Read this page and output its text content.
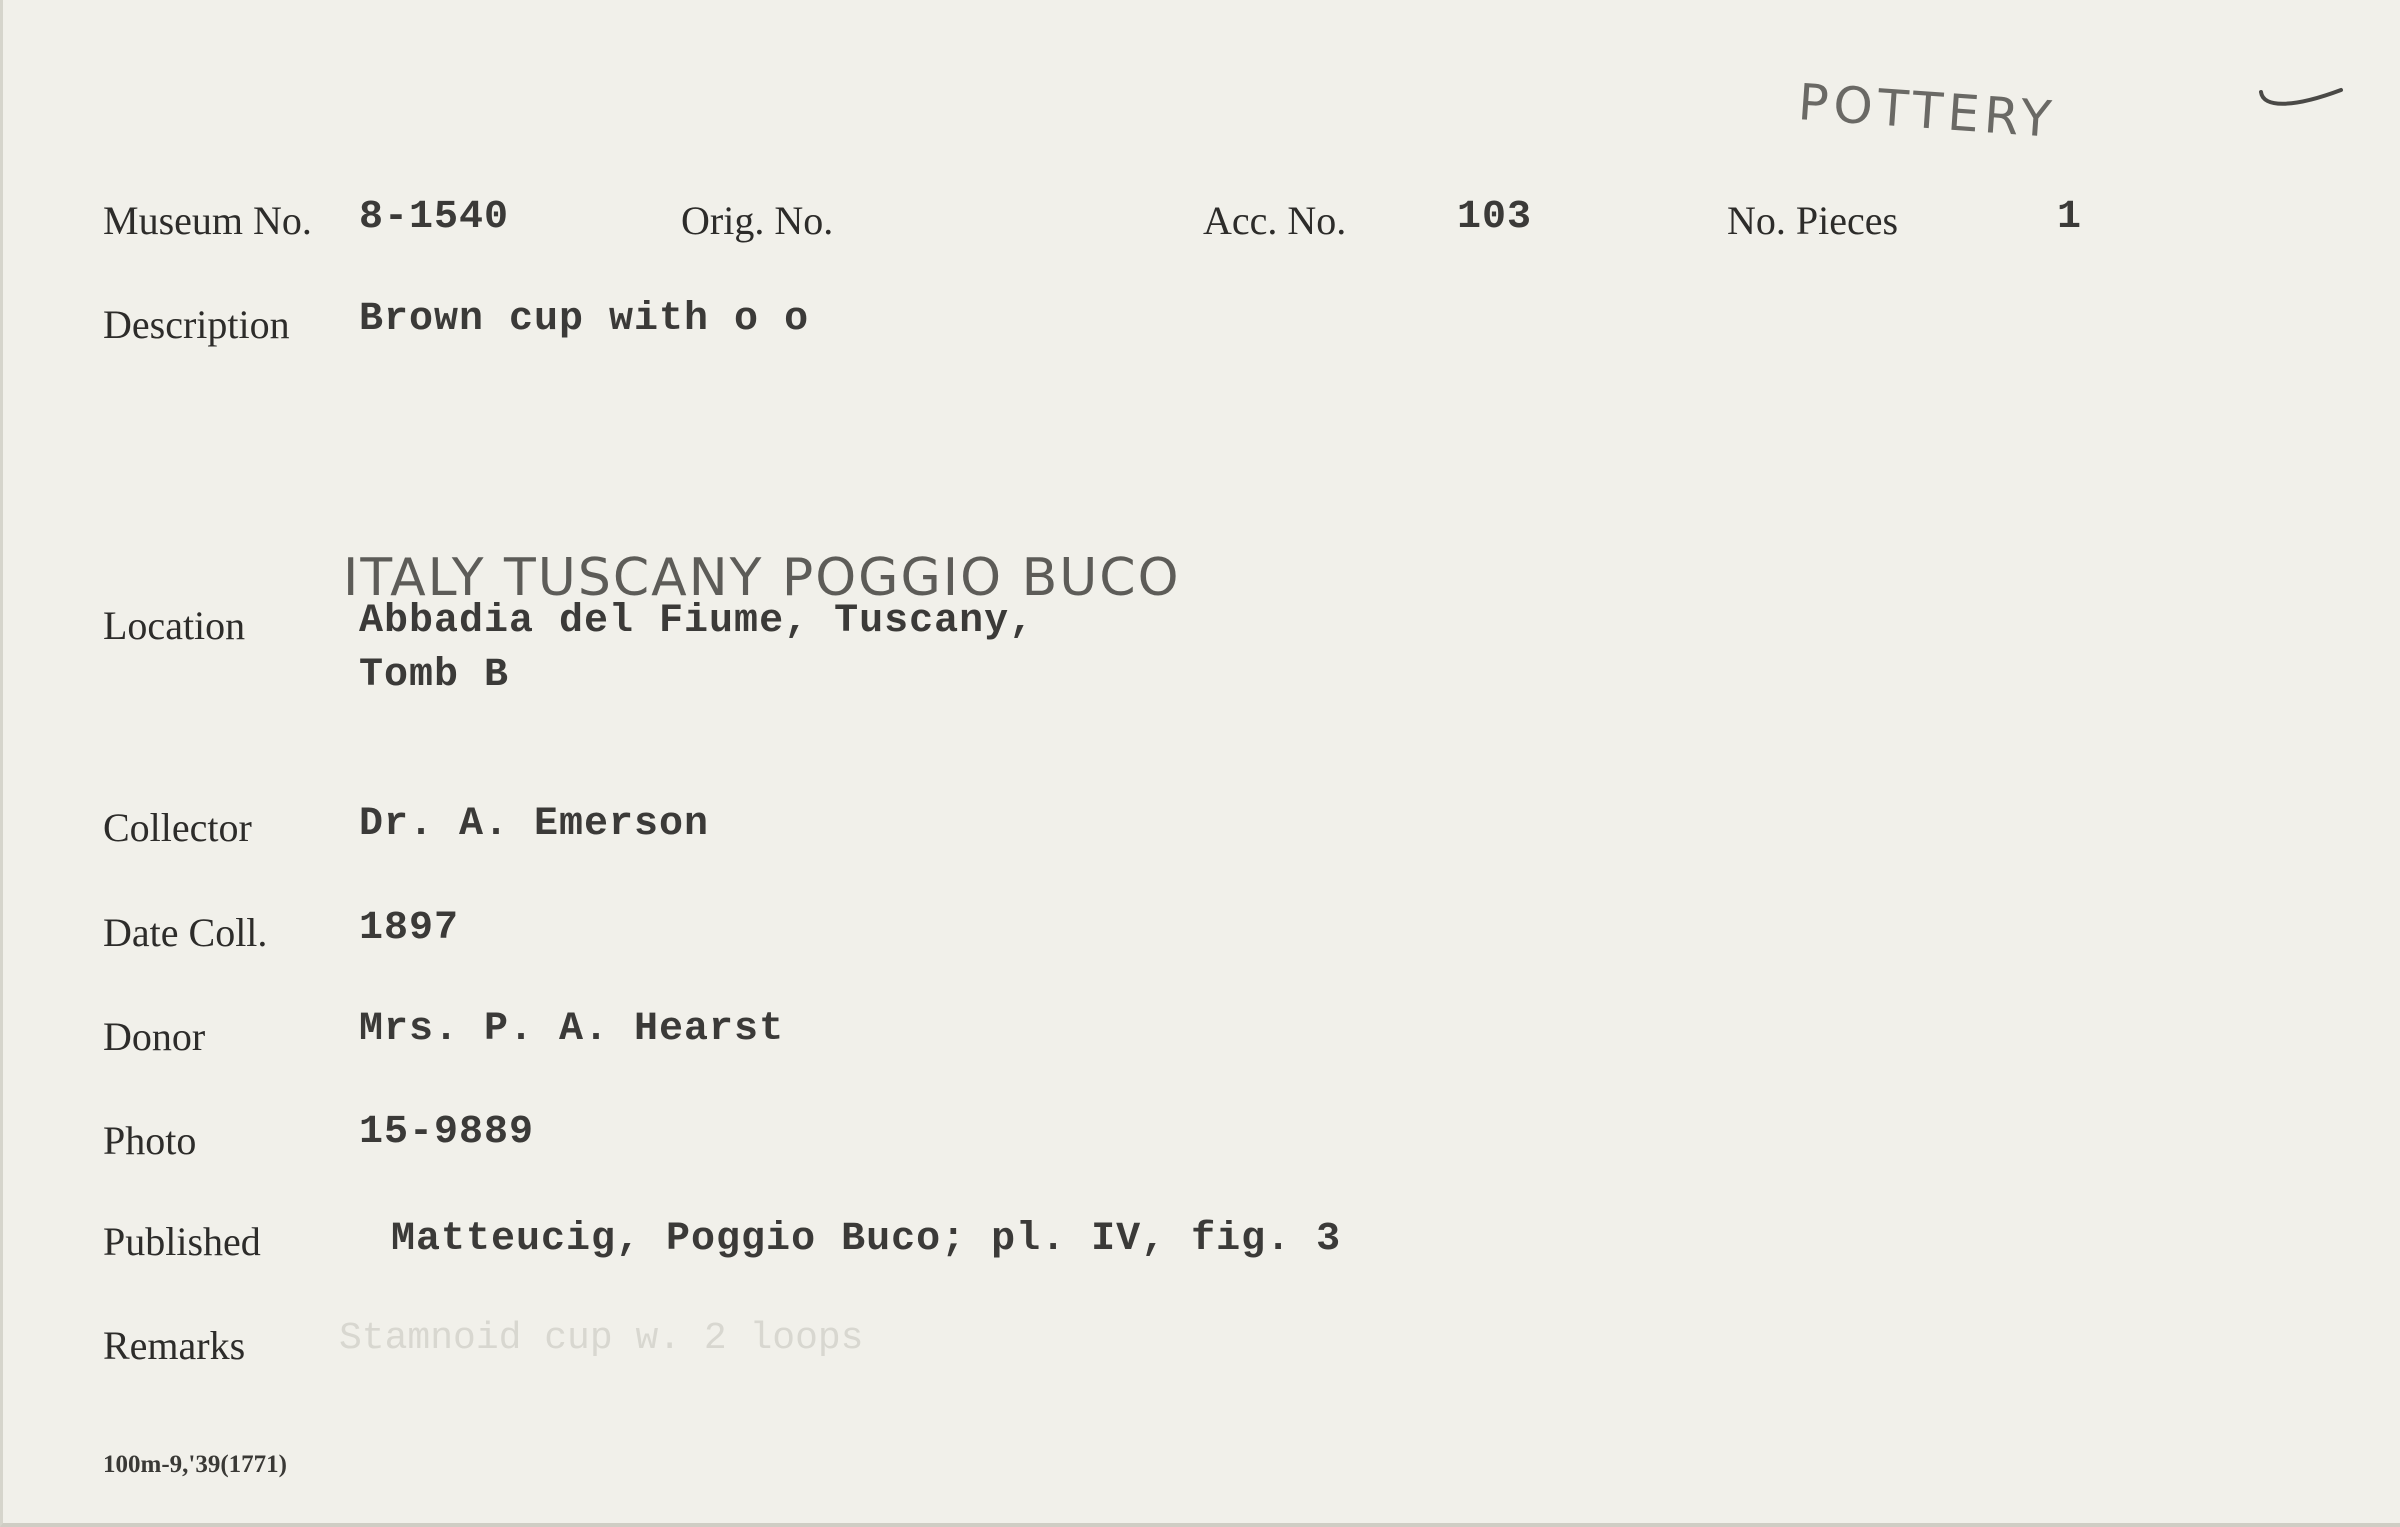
POTTERY
Museum No. 8-1540	Orig. No.	Acc. No.	103	No. Pieces	1
Description Brown cup with o o
ITALY TUSCANY POGGIO BUCO
Location	Abbadia del Fiume, Tuscany,
Tomb B
Collector	Dr. A. Emerson
Date Coll. 1897
Donor	Mrs. P. A. Hearst
Photo	15-9889
Published	Matteucig, Poggio Buco; pl. IV, fig. 3
Remarks Stamnoid cup w. 2 loops
100m-9,'39(1771)
